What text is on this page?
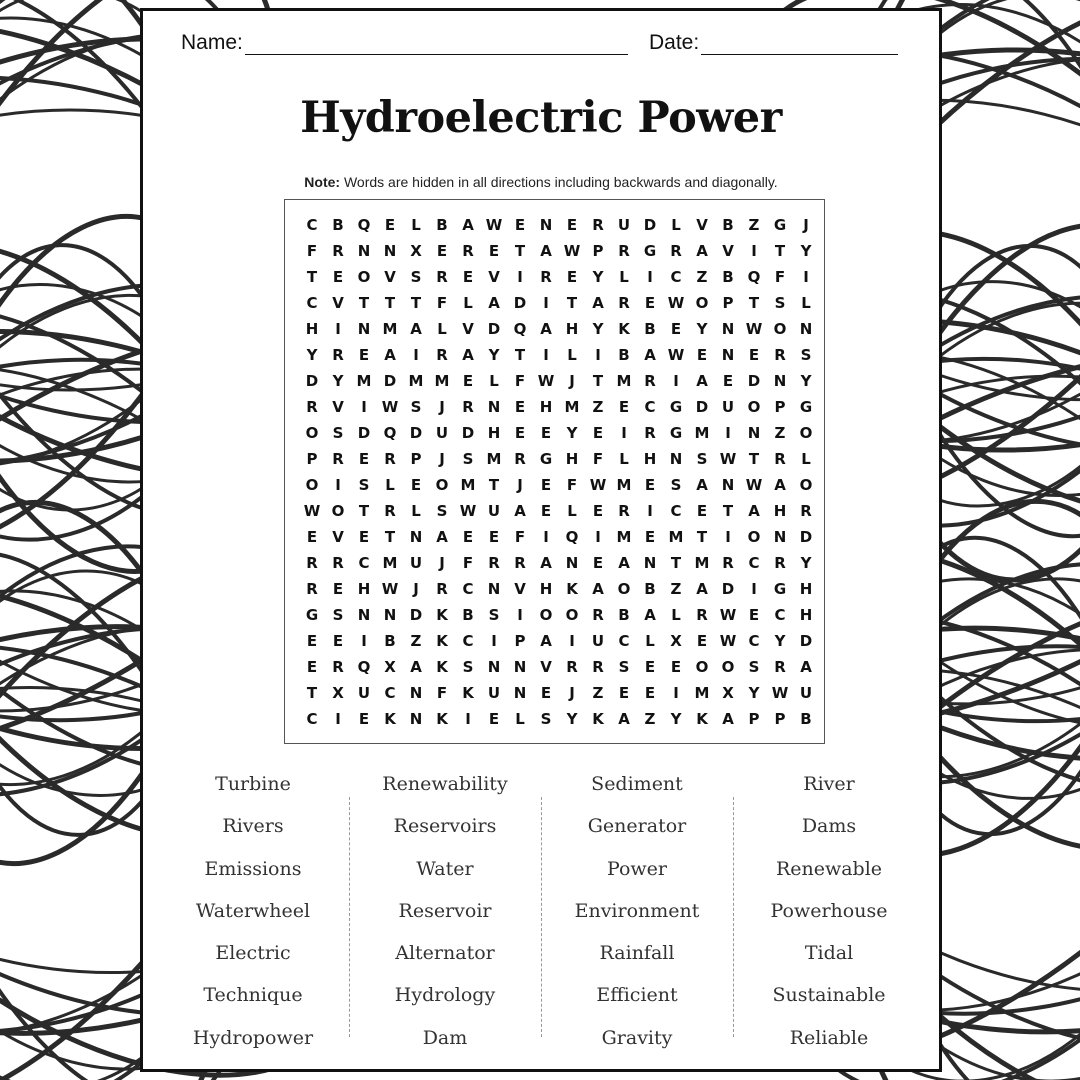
Name:	Date:
Hydroelectric Power
Note: Words are hidden in all directions including backwards and diagonally.
C B Q E	L	B A W E N E	R U D	L	V B Z G	J
F	R N N X	E	R	E	T	A W P R G R A V	I	T	Y
T	E O V S R	E	V	I	R	E	Y	L	I	C	Z B Q F	I
C V	T	T	T	F	L	A D	I	T	A R	E W O P	T	S	L
H	I	N M A	L	V D Q A H Y K B	E	Y N W O N
Y R	E	A	I	R A Y	T	I	L	I	B A W E N E	R S
D Y M D M M E	L	F W J	T M R	I	A	E D N Y
R V	I W S	J	R N E H M Z	E	C G D U O P G
O S D Q D U D H E	E	Y	E	I	R G M	I	N Z O
P R	E	R P	J	S M R G H F	L H N S W T	R	L
O	I	S	L	E O M T	J	E	F W M E	S A N W A O
W O T	R	L	S W U A	E	L	E	R	I	C	E	T	A H R
E	V	E	T N A	E	E	F	I	Q	I	M E M T	I	O N D
R R C M U	J	F	R R A N E	A N T M R C R Y
R	E H W J	R C N V H K A O B Z A D	I	G H
G S N N D K B S	I	O O R B A	L	R W E	C H
E	E	I	B Z K C	I	P A	I	U C	L	X	E W C	Y D
E	R Q X A K S N N V R R S	E	E O O S R A
T	X U C N F	K U N E	J	Z	E	E	I	M X Y W U
C	I	E	K N K	I	E	L	S	Y K A Z	Y K A P	P B
Turbine
Rivers
Emissions
Waterwheel
Electric
Technique
Hydropower
Renewability
Reservoirs
Water
Reservoir
Alternator
Hydrology
Dam
Sediment
Generator
Power
Environment
Rainfall
Efficient
Gravity
River
Dams
Renewable
Powerhouse
Tidal
Sustainable
Reliable
